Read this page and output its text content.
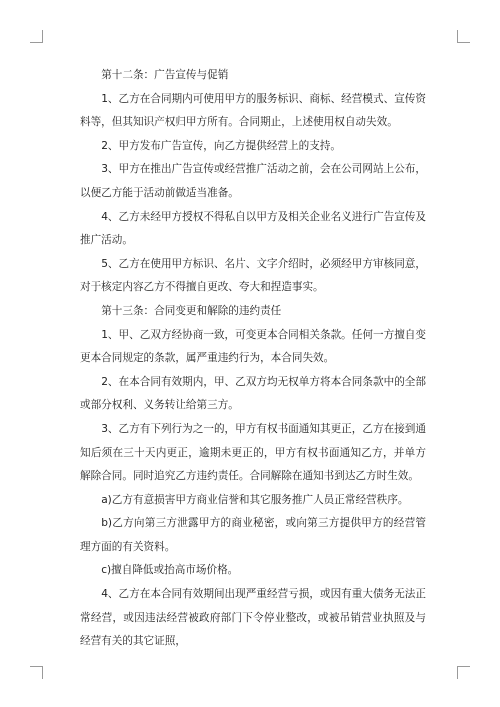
第十二条：广告宣传与促销

1、乙方在合同期内可使用甲方的服务标识、商标、经营模式、宣传资料等，但其知识产权归甲方所有。合同期止，上述使用权自动失效。

2、甲方发布广告宣传，向乙方提供经营上的支持。

3、甲方在推出广告宣传或经营推广活动之前，会在公司网站上公布，以便乙方能于活动前做适当准备。

4、乙方未经甲方授权不得私自以甲方及相关企业名义进行广告宣传及推广活动。

5、乙方在使用甲方标识、名片、文字介绍时，必须经甲方审核同意，对于核定内容乙方不得擅自更改、夸大和捏造事实。

第十三条：合同变更和解除的违约责任

1、甲、乙双方经协商一致，可变更本合同相关条款。任何一方擅自变更本合同规定的条款，属严重违约行为，本合同失效。

2、在本合同有效期内，甲、乙双方均无权单方将本合同条款中的全部或部分权利、义务转让给第三方。

3、乙方有下列行为之一的，甲方有权书面通知其更正，乙方在接到通知后须在三十天内更正，逾期未更正的，甲方有权书面通知乙方，并单方解除合同。同时追究乙方违约责任。合同解除在通知书到达乙方时生效。

a)乙方有意损害甲方商业信誉和其它服务推广人员正常经营秩序。

b)乙方向第三方泄露甲方的商业秘密，或向第三方提供甲方的经营管理方面的有关资料。

c)擅自降低或抬高市场价格。

4、乙方在本合同有效期间出现严重经营亏损，或因有重大债务无法正常经营，或因违法经营被政府部门下令停业整改，或被吊销营业执照及与经营有关的其它证照，
